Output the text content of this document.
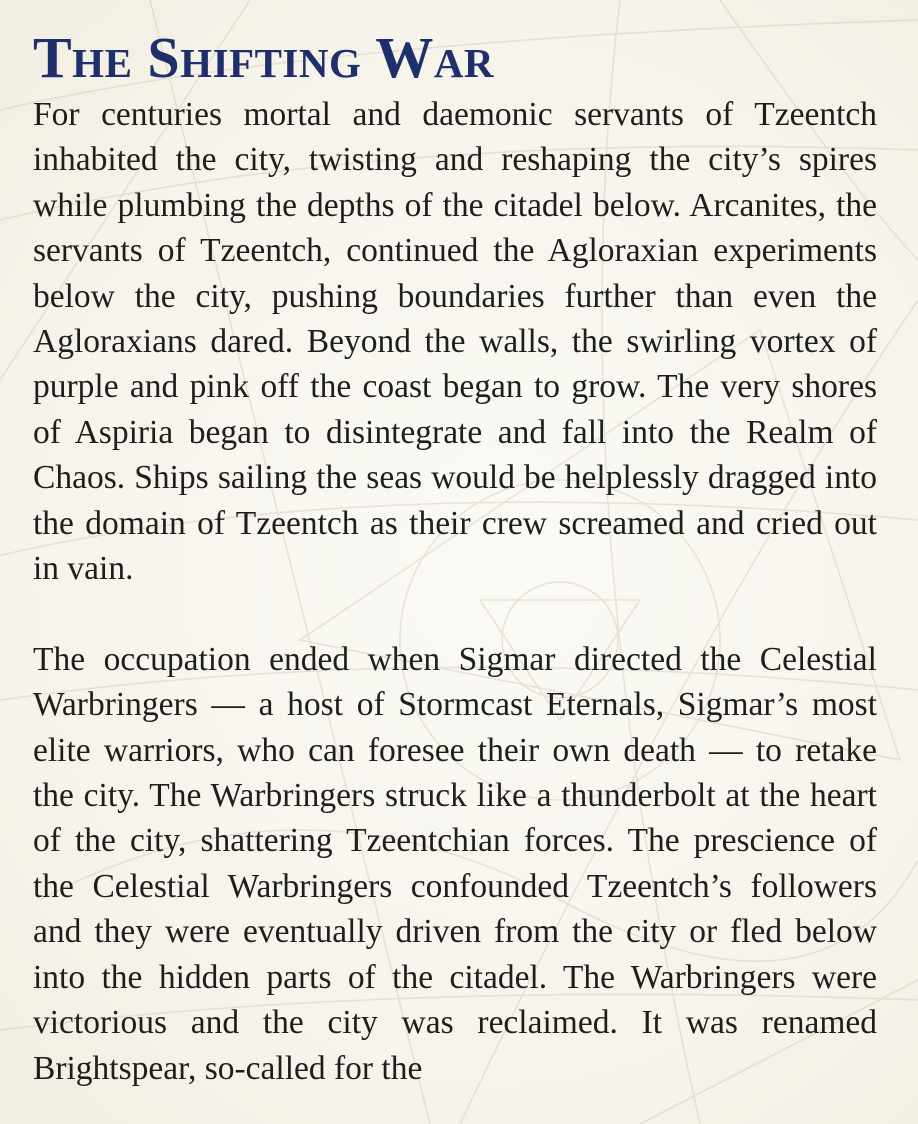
The Shifting War

For centuries mortal and daemonic servants of Tzeentch inhabited the city, twisting and reshaping the city’s spires while plumbing the depths of the citadel below. Arcanites, the servants of Tzeentch, continued the Agloraxian experiments below the city, pushing boundaries further than even the Agloraxians dared. Beyond the walls, the swirling vortex of purple and pink off the coast began to grow. The very shores of Aspiria began to disintegrate and fall into the Realm of Chaos. Ships sailing the seas would be helplessly dragged into the domain of Tzeentch as their crew screamed and cried out in vain.

The occupation ended when Sigmar directed the Celestial Warbringers — a host of Stormcast Eternals, Sigmar’s most elite warriors, who can foresee their own death — to retake the city. The Warbringers struck like a thunderbolt at the heart of the city, shattering Tzeentchian forces. The prescience of the Celestial Warbringers confounded Tzeentch’s followers and they were eventually driven from the city or fled below into the hidden parts of the citadel. The Warbringers were victorious and the city was reclaimed. It was renamed Brightspear, so-called for the
